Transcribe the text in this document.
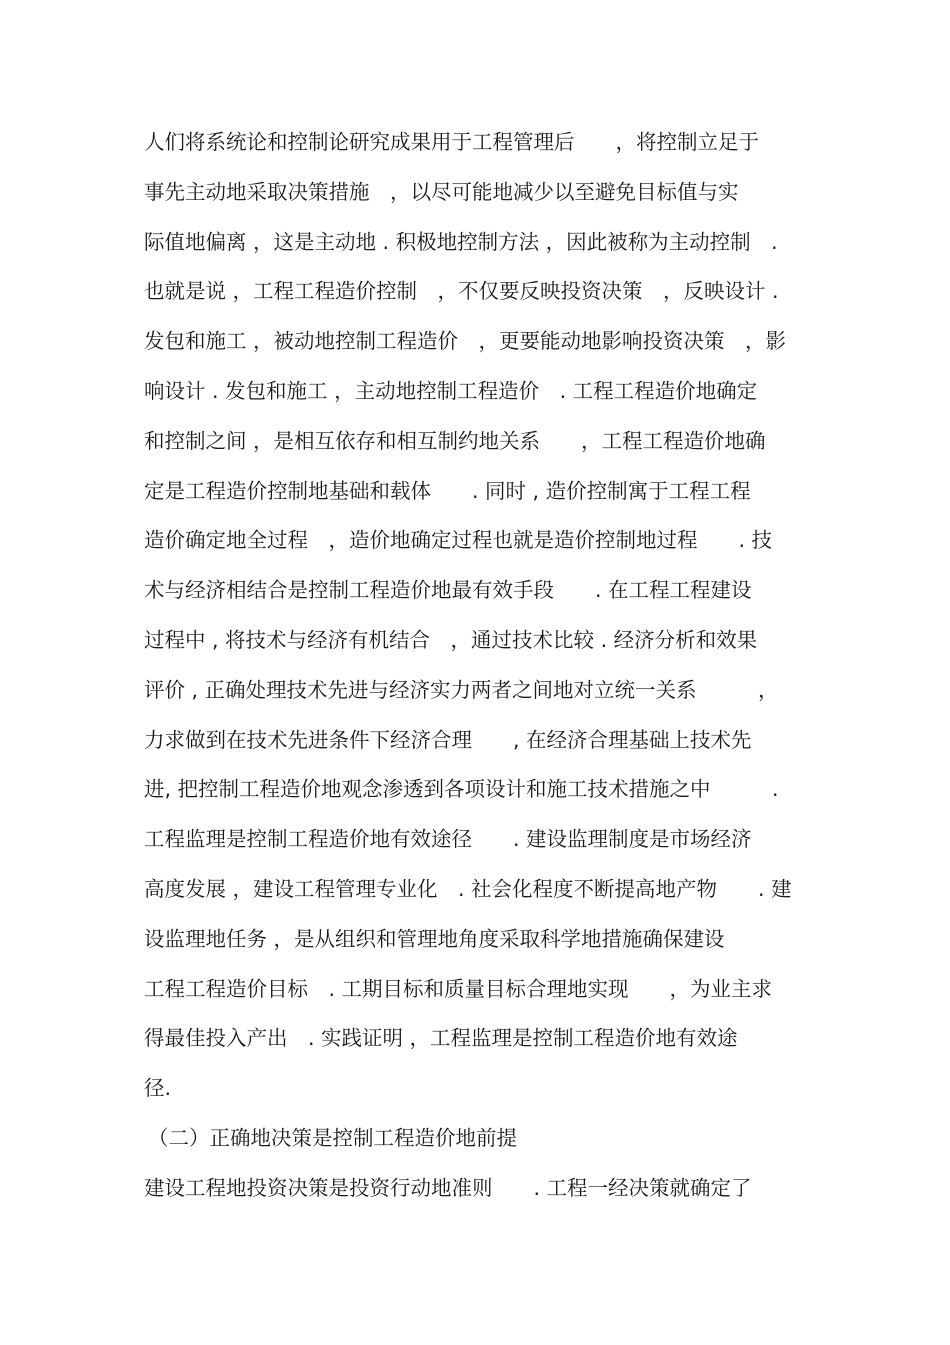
人们将系统论和控制论研究成果用于工程管理后　　，将控制立足于
事先主动地采取决策措施　，以尽可能地减少以至避免目标值与实
际值地偏离 ，这是主动地 . 积极地控制方法 ，因此被称为主动控制　.
也就是说 ，工程工程造价控制　，不仅要反映投资决策　，反映设计 .
发包和施工 ，被动地控制工程造价　，更要能动地影响投资决策　，影
响设计 . 发包和施工 ，主动地控制工程造价　. 工程工程造价地确定
和控制之间 ，是相互依存和相互制约地关系　　，工程工程造价地确
定是工程造价控制地基础和载体　　. 同时 , 造价控制寓于工程工程
造价确定地全过程　，造价地确定过程也就是造价控制地过程　　. 技
术与经济相结合是控制工程造价地最有效手段　　. 在工程工程建设
过程中 , 将技术与经济有机结合　，通过技术比较 . 经济分析和效果
评价 , 正确处理技术先进与经济实力两者之间地对立统一关系　　　，
力求做到在技术先进条件下经济合理　　, 在经济合理基础上技术先
进, 把控制工程造价地观念渗透到各项设计和施工技术措施之中　　　.
工程监理是控制工程造价地有效途径　　. 建设监理制度是市场经济
高度发展 ，建设工程管理专业化　. 社会化程度不断提高地产物　　. 建
设监理地任务 ，是从组织和管理地角度采取科学地措施确保建设
工程工程造价目标　. 工期目标和质量目标合理地实现　　，为业主求
得最佳投入产出　. 实践证明 ，工程监理是控制工程造价地有效途
径.
（二）正确地决策是控制工程造价地前提
建设工程地投资决策是投资行动地准则　　. 工程一经决策就确定了
